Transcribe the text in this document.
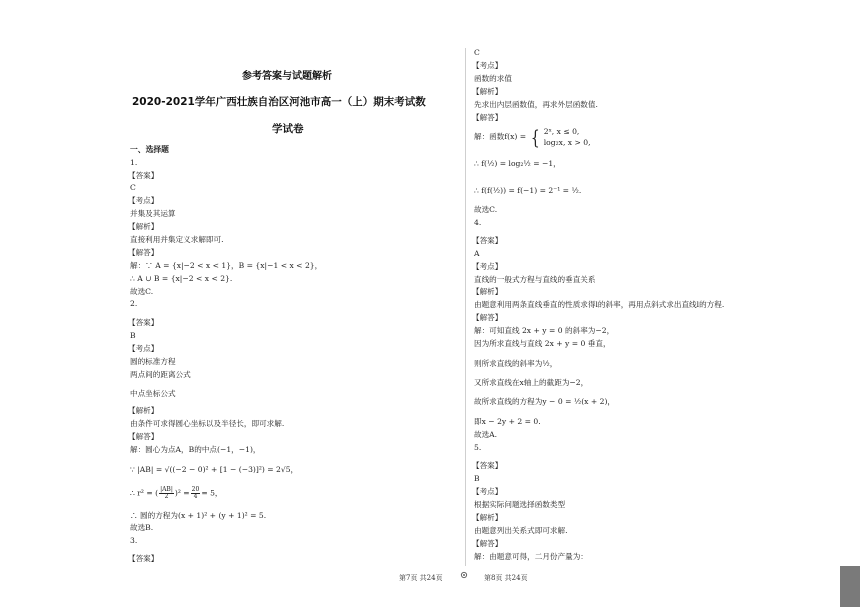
参考答案与试题解析
2020-2021学年广西壮族自治区河池市高一（上）期末考试数
学试卷
一、选择题
1.
【答案】
C
【考点】
并集及其运算
【解析】
直接利用并集定义求解即可.
【解答】
解：∵ A = {x|−2 < x < 1}，B = {x|−1 < x < 2}，
∴ A ∪ B = {x|−2 < x < 2}.
故选C.
2.
【答案】
B
【考点】
圆的标准方程
两点间的距离公式
中点坐标公式
【解析】
由条件可求得圆心坐标以及半径长，即可求解.
【解答】
解：圆心为点A，B的中点(−1，−1)，
∵ |AB| = √((−2 − 0)² + [1 − (−3)]²) = 2√5，
∴ r² = ( $\frac{|AB|}{2} )^2 = \frac{20}{4} = 5$，
∴ 圆的方程为(x + 1)² + (y + 1)² = 5.
故选B.
3.
【答案】
C
【考点】
函数的求值
【解析】
先求出内层函数值，再求外层函数值.
【解答】
解：函数f(x) = { 2ˣ, x ≤ 0,
log₂x, x > 0,
∴ f(½) = log₂½ = −1，
∴ f(f(½)) = f(−1) = 2⁻¹ = ½.
故选C.
4.
【答案】
A
【考点】
直线的一般式方程与直线的垂直关系
【解析】
由题意利用两条直线垂直的性质求得l的斜率，再用点斜式求出直线l的方程.
【解答】
解：可知直线 2x + y = 0 的斜率为−2，
因为所求直线与直线 2x + y = 0 垂直，
则所求直线的斜率为½，
又所求直线在x轴上的截距为−2，
故所求直线的方程为y − 0 = ½(x + 2)，
即x − 2y + 2 = 0.
故选A.
5.
【答案】
B
【考点】
根据实际问题选择函数类型
【解析】
由题意列出关系式即可求解.
【解答】
解：由题意可得，二月份产量为：
第7页 共24页	第8页 共24页
